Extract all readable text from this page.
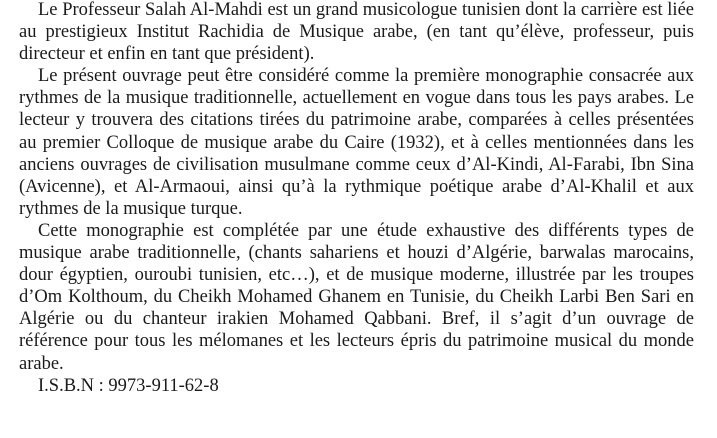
Le Professeur Salah Al-Mahdi est un grand musicologue tunisien dont la carrière est liée au prestigieux Institut Rachidia de Musique arabe, (en tant qu’élève, professeur, puis directeur et enfin en tant que président).

Le présent ouvrage peut être considéré comme la première monographie consacrée aux rythmes de la musique traditionnelle, actuellement en vogue dans tous les pays arabes. Le lecteur y trouvera des citations tirées du patrimoine arabe, comparées à celles présentées au premier Colloque de musique arabe du Caire (1932), et à celles mentionnées dans les anciens ouvrages de civilisation musulmane comme ceux d’Al-Kindi, Al-Farabi, Ibn Sina (Avicenne), et Al-Armaoui, ainsi qu’à la rythmique poétique arabe d’Al-Khalil et aux rythmes de la musique turque.

Cette monographie est complétée par une étude exhaustive des différents types de musique arabe traditionnelle, (chants sahariens et houzi d’Algérie, barwalas marocains, dour égyptien, ouroubi tunisien, etc…), et de musique moderne, illustrée par les troupes d’Om Kolthoum, du Cheikh Mohamed Ghanem en Tunisie, du Cheikh Larbi Ben Sari en Algérie ou du chanteur irakien Mohamed Qabbani. Bref, il s’agit d’un ouvrage de référence pour tous les mélomanes et les lecteurs épris du patrimoine musical du monde arabe.

I.S.B.N : 9973-911-62-8
